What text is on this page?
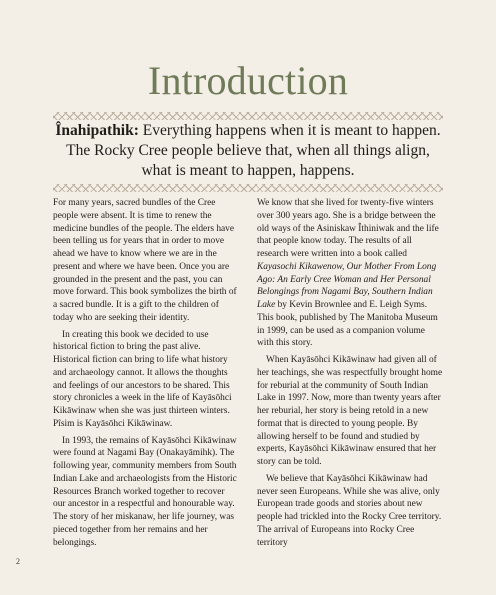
Introduction
Înahipathik: Everything happens when it is meant to happen. The Rocky Cree people believe that, when all things align, what is meant to happen, happens.

For many years, sacred bundles of the Cree people were absent. It is time to renew the medicine bundles of the people. The elders have been telling us for years that in order to move ahead we have to know where we are in the present and where we have been. Once you are grounded in the present and the past, you can move forward. This book symbolizes the birth of a sacred bundle. It is a gift to the children of today who are seeking their identity.

In creating this book we decided to use historical fiction to bring the past alive. Historical fiction can bring to life what history and archaeology cannot. It allows the thoughts and feelings of our ancestors to be shared. This story chronicles a week in the life of Kayāsōhci Kikāwinaw when she was just thirteen winters. Pîsim is Kayāsōhci Kikāwinaw.

In 1993, the remains of Kayāsōhci Kikāwinaw were found at Nagami Bay (Onakayāmihk). The following year, community members from South Indian Lake and archaeologists from the Historic Resources Branch worked together to recover our ancestor in a respectful and honourable way. The story of her miskanaw, her life journey, was pieced together from her remains and her belongings.

We know that she lived for twenty-five winters over 300 years ago. She is a bridge between the old ways of the Asiniskaw Îthiniwak and the life that people know today. The results of all research were written into a book called Kayasochi Kikawenow, Our Mother From Long Ago: An Early Cree Woman and Her Personal Belongings from Nagami Bay, Southern Indian Lake by Kevin Brownlee and E. Leigh Syms. This book, published by The Manitoba Museum in 1999, can be used as a companion volume with this story.

When Kayāsōhci Kikāwinaw had given all of her teachings, she was respectfully brought home for reburial at the community of South Indian Lake in 1997. Now, more than twenty years after her reburial, her story is being retold in a new format that is directed to young people. By allowing herself to be found and studied by experts, Kayāsōhci Kikāwinaw ensured that her story can be told.

We believe that Kayāsōhci Kikāwinaw had never seen Europeans. While she was alive, only European trade goods and stories about new people had trickled into the Rocky Cree territory. The arrival of Europeans into Rocky Cree territory

2
